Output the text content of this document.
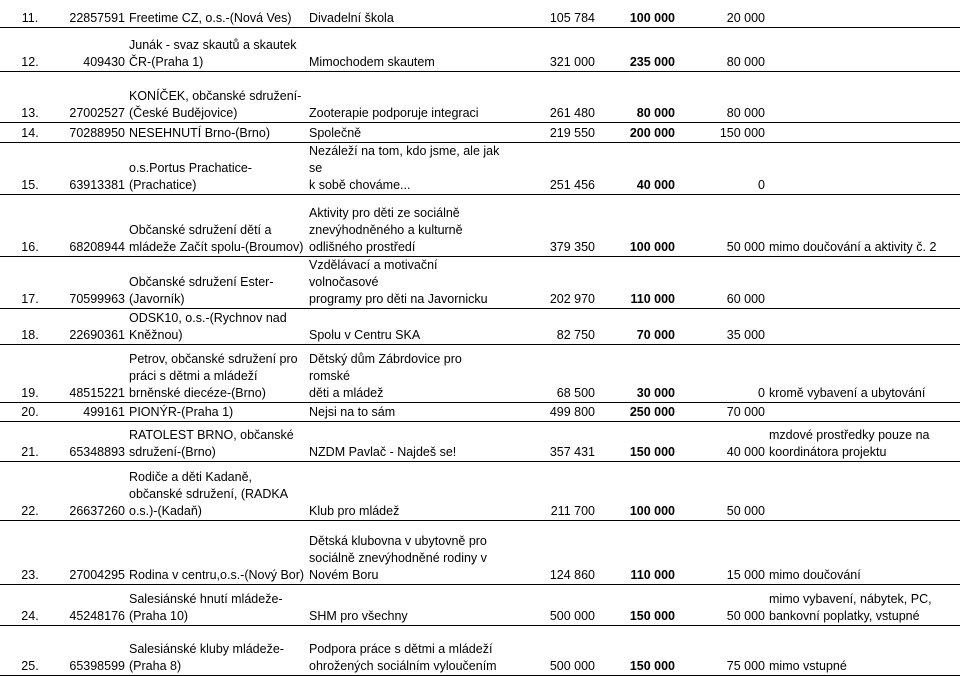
11.	22857591	Freetime CZ, o.s.-(Nová Ves)	Divadelní škola	105 784	100 000	20 000	
12.	409430	Junák - svaz skautů a skautek
ČR-(Praha 1)	Mimochodem skautem	321 000	235 000	80 000	
13.	27002527	KONÍČEK, občanské sdružení-
(České Budějovice)	Zooterapie podporuje integraci	261 480	80 000	80 000	
14.	70288950	NESEHNUTÍ Brno-(Brno)	Společně	219 550	200 000	150 000	
15.	63913381	o.s.Portus Prachatice-
(Prachatice)	Nezáleží na tom, kdo jsme, ale jak se
k sobě chováme...	251 456	40 000	0	
16.	68208944	Občanské sdružení dětí a
mládeže Začít spolu-(Broumov)	Aktivity pro děti ze sociálně
znevýhodněného a kulturně
odlišného prostředí	379 350	100 000	50 000	mimo doučování a aktivity č. 2
17.	70599963	Občanské sdružení Ester-
(Javorník)	Vzdělávací a motivační volnočasové
programy pro děti na Javornicku	202 970	110 000	60 000	
18.	22690361	ODSK10, o.s.-(Rychnov nad
Kněžnou)	Spolu v Centru SKA	82 750	70 000	35 000	
19.	48515221	Petrov, občanské sdružení pro
práci s dětmi a mládeží
brněnské diecéze-(Brno)	Dětský dům Zábrdovice pro romské
děti a mládež	68 500	30 000	0	kromě vybavení a ubytování
20.	499161	PIONÝR-(Praha 1)	Nejsi na to sám	499 800	250 000	70 000	
21.	65348893	RATOLEST BRNO, občanské
sdružení-(Brno)	NZDM Pavlač - Najdeš se!	357 431	150 000	40 000	mzdové prostředky pouze na
koordinátora projektu
22.	26637260	Rodiče a děti Kadaně,
občanské sdružení, (RADKA
o.s.)-(Kadaň)	Klub pro mládež	211 700	100 000	50 000	
23.	27004295	Rodina v centru,o.s.-(Nový Bor)	Dětská klubovna v ubytovně pro
sociálně znevýhodněné rodiny v
Novém Boru	124 860	110 000	15 000	mimo doučování
24.	45248176	Salesiánské hnutí mládeže-
(Praha 10)	SHM pro všechny	500 000	150 000	50 000	mimo vybavení, nábytek, PC,
bankovní poplatky, vstupné
25.	65398599	Salesiánské kluby mládeže-
(Praha 8)	Podpora práce s dětmi a mládeží
ohrožených sociálním vyloučením	500 000	150 000	75 000	mimo vstupné
